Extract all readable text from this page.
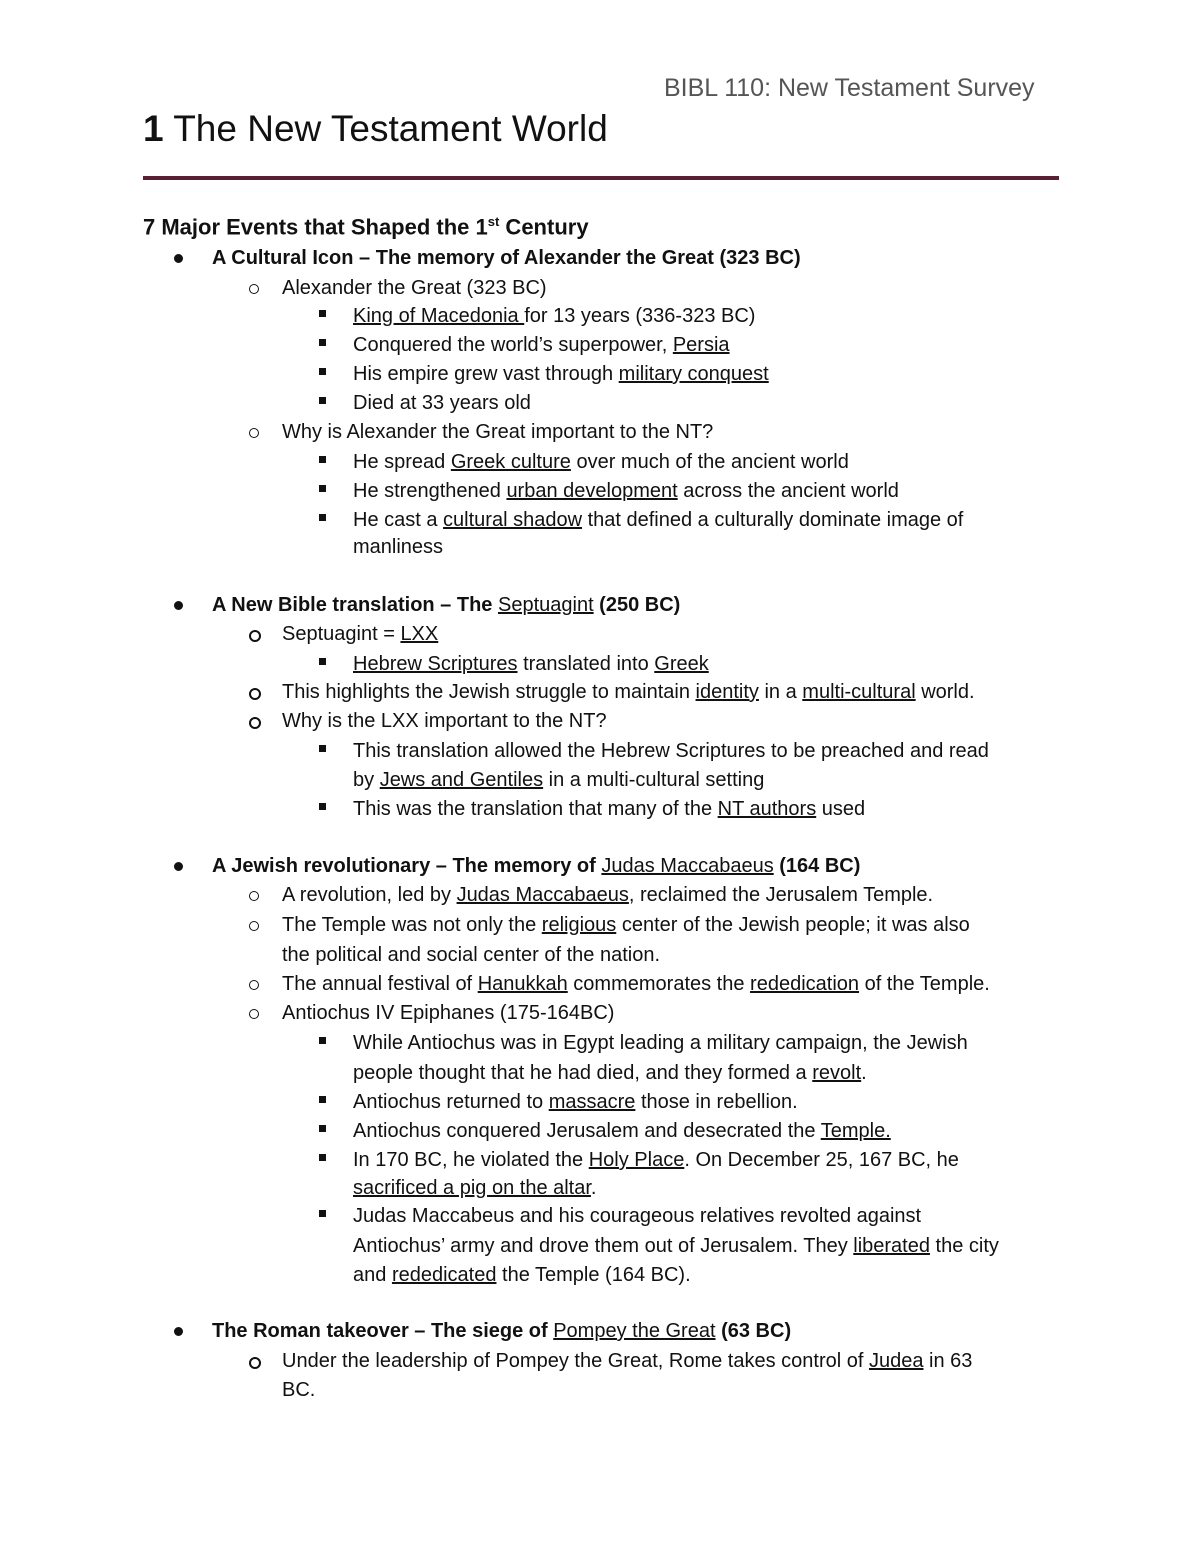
BIBL 110: New Testament Survey
1 The New Testament World
7 Major Events that Shaped the 1st Century
A Cultural Icon – The memory of Alexander the Great (323 BC)
Alexander the Great (323 BC)
King of Macedonia for 13 years (336-323 BC)
Conquered the world’s superpower, Persia
His empire grew vast through military conquest
Died at 33 years old
Why is Alexander the Great important to the NT?
He spread Greek culture over much of the ancient world
He strengthened urban development across the ancient world
He cast a cultural shadow that defined a culturally dominate image of
manliness
A New Bible translation – The Septuagint (250 BC)
Septuagint = LXX
Hebrew Scriptures translated into Greek
This highlights the Jewish struggle to maintain identity in a multi-cultural world.
Why is the LXX important to the NT?
This translation allowed the Hebrew Scriptures to be preached and read
by Jews and Gentiles in a multi-cultural setting
This was the translation that many of the NT authors used
A Jewish revolutionary – The memory of Judas Maccabaeus (164 BC)
A revolution, led by Judas Maccabaeus, reclaimed the Jerusalem Temple.
The Temple was not only the religious center of the Jewish people; it was also
the political and social center of the nation.
The annual festival of Hanukkah commemorates the rededication of the Temple.
Antiochus IV Epiphanes (175-164BC)
While Antiochus was in Egypt leading a military campaign, the Jewish
people thought that he had died, and they formed a revolt.
Antiochus returned to massacre those in rebellion.
Antiochus conquered Jerusalem and desecrated the Temple.
In 170 BC, he violated the Holy Place. On December 25, 167 BC, he
sacrificed a pig on the altar.
Judas Maccabeus and his courageous relatives revolted against
Antiochus’ army and drove them out of Jerusalem. They liberated the city
and rededicated the Temple (164 BC).
The Roman takeover – The siege of Pompey the Great (63 BC)
Under the leadership of Pompey the Great, Rome takes control of Judea in 63
BC.
